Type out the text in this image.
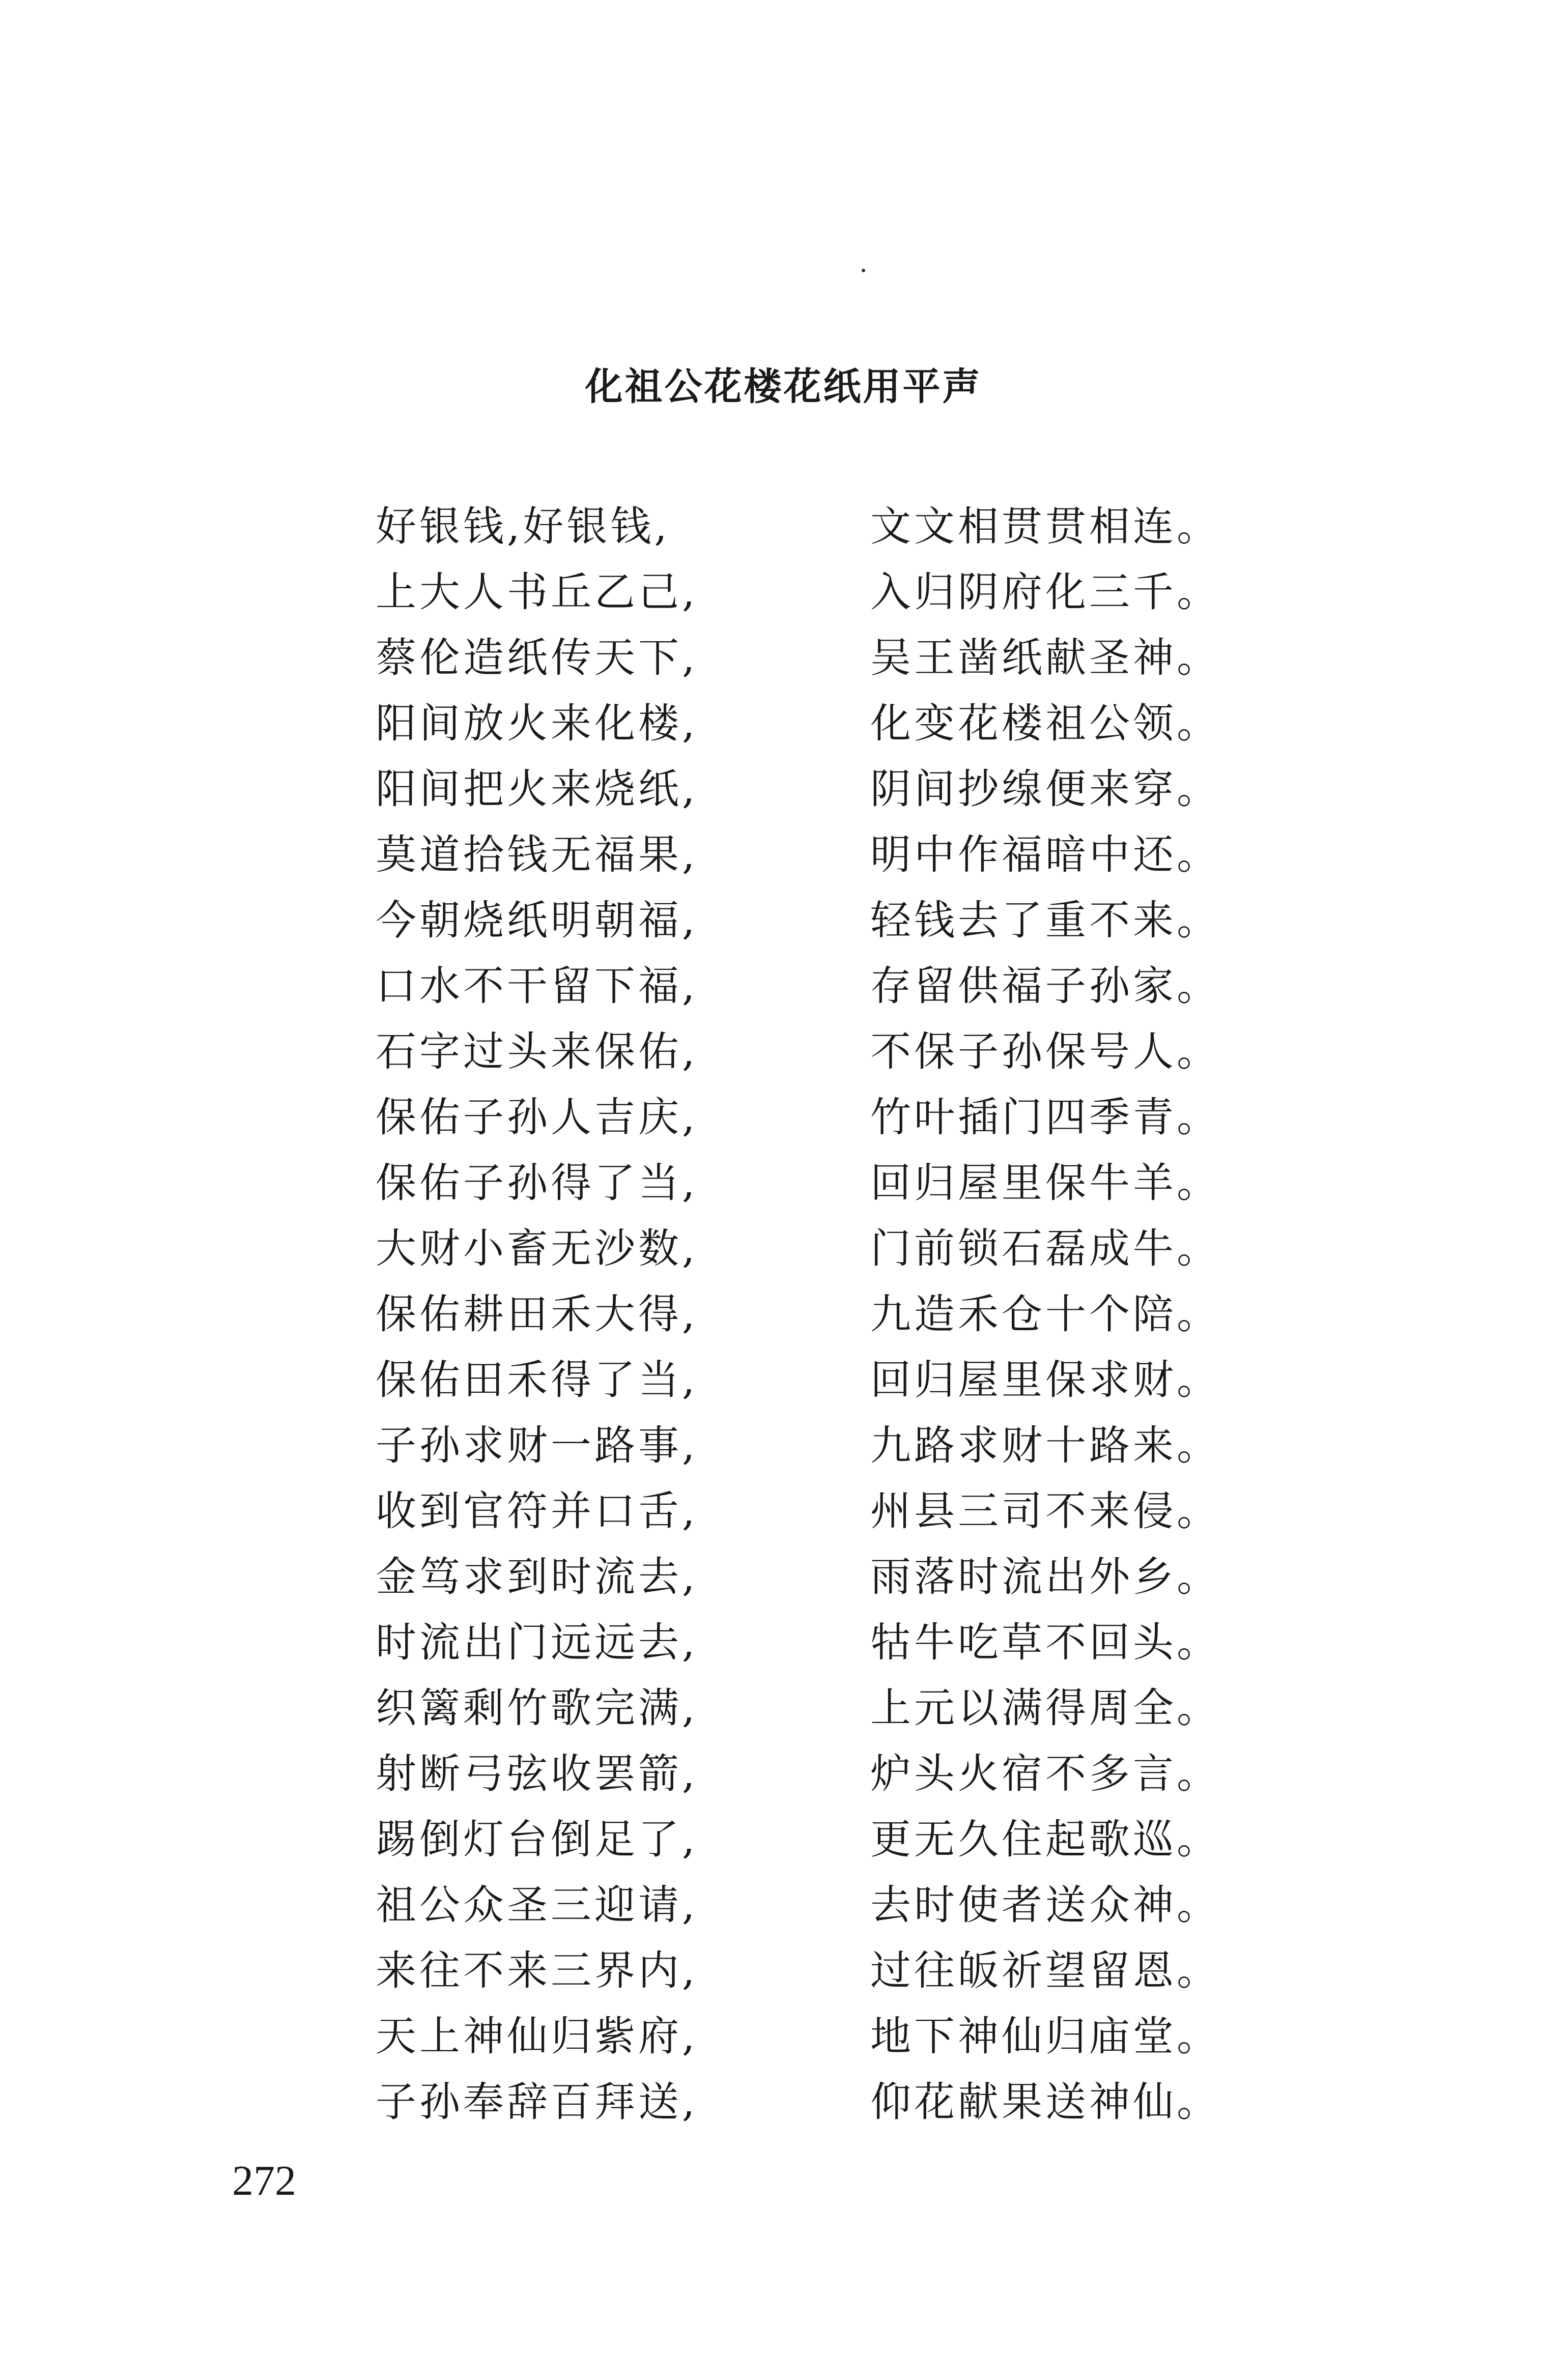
化祖公花楼花纸用平声
好银钱,好银钱,	文文相贯贯相连。
上大人书丘乙己,	入归阴府化三千。
蔡伦造纸传天下,	吴王凿纸献圣神。
阳间放火来化楼,	化变花楼祖公领。
阳间把火来烧纸,	阴间抄缐便来穿。
莫道拾钱无福果,	明中作福暗中还。
今朝烧纸明朝福,	轻钱去了重不来。
口水不干留下福,	存留供福子孙家。
石字过头来保佑,	不保子孙保号人。
保佑子孙人吉庆,	竹叶插门四季青。
保佑子孙得了当,	回归屋里保牛羊。
大财小畜无沙数,	门前锁石磊成牛。
保佑耕田禾大得,	九造禾仓十个陪。
保佑田禾得了当,	回归屋里保求财。
子孙求财一路事,	九路求财十路来。
收到官符并口舌,	州县三司不来侵。
金笃求到时流去,	雨落时流出外乡。
时流出门远远去,	牯牛吃草不回头。
织篱剩竹歌完满,	上元以满得周全。
射断弓弦收罢箭,	炉头火宿不多言。
踢倒灯台倒足了,	更无久住起歌巡。
祖公众圣三迎请,	去时使者送众神。
来往不来三界内,	过往皈祈望留恩。
天上神仙归紫府,	地下神仙归庙堂。
子孙奉辞百拜送,	仰花献果送神仙。
272
